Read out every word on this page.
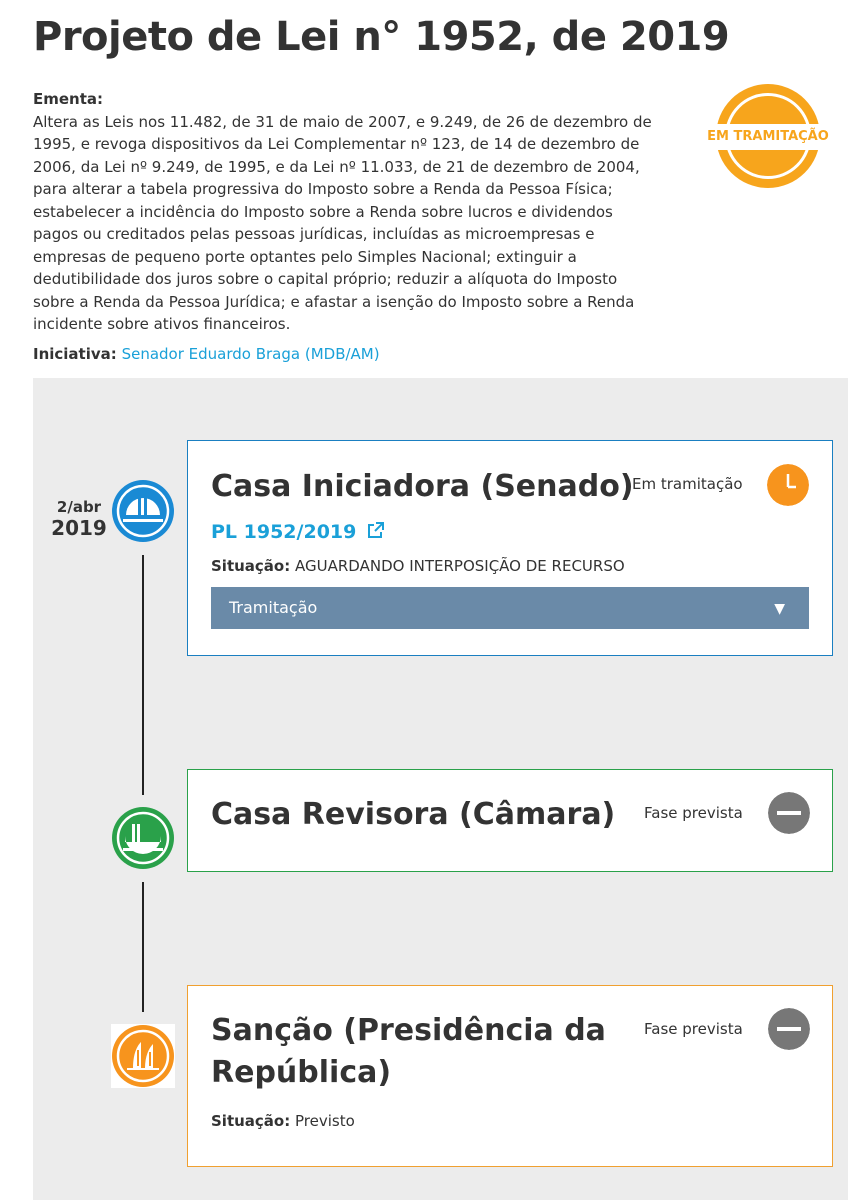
Projeto de Lei n° 1952, de 2019
Ementa:
Altera as Leis nos 11.482, de 31 de maio de 2007, e 9.249, de 26 de dezembro de 1995, e revoga dispositivos da Lei Complementar nº 123, de 14 de dezembro de 2006, da Lei nº 9.249, de 1995, e da Lei nº 11.033, de 21 de dezembro de 2004, para alterar a tabela progressiva do Imposto sobre a Renda da Pessoa Física; estabelecer a incidência do Imposto sobre a Renda sobre lucros e dividendos pagos ou creditados pelas pessoas jurídicas, incluídas as microempresas e empresas de pequeno porte optantes pelo Simples Nacional; extinguir a dedutibilidade dos juros sobre o capital próprio; reduzir a alíquota do Imposto sobre a Renda da Pessoa Jurídica; e afastar a isenção do Imposto sobre a Renda incidente sobre ativos financeiros.
Iniciativa: Senador Eduardo Braga (MDB/AM)
EM TRAMITAÇÃO
2/abr
2019
Casa Iniciadora (Senado)
Em tramitação
PL 1952/2019
Situação: AGUARDANDO INTERPOSIÇÃO DE RECURSO
Tramitação	▼
Casa Revisora (Câmara) Fase prevista
Sanção (Presidência da
República)
Fase prevista
Situação: Previsto
